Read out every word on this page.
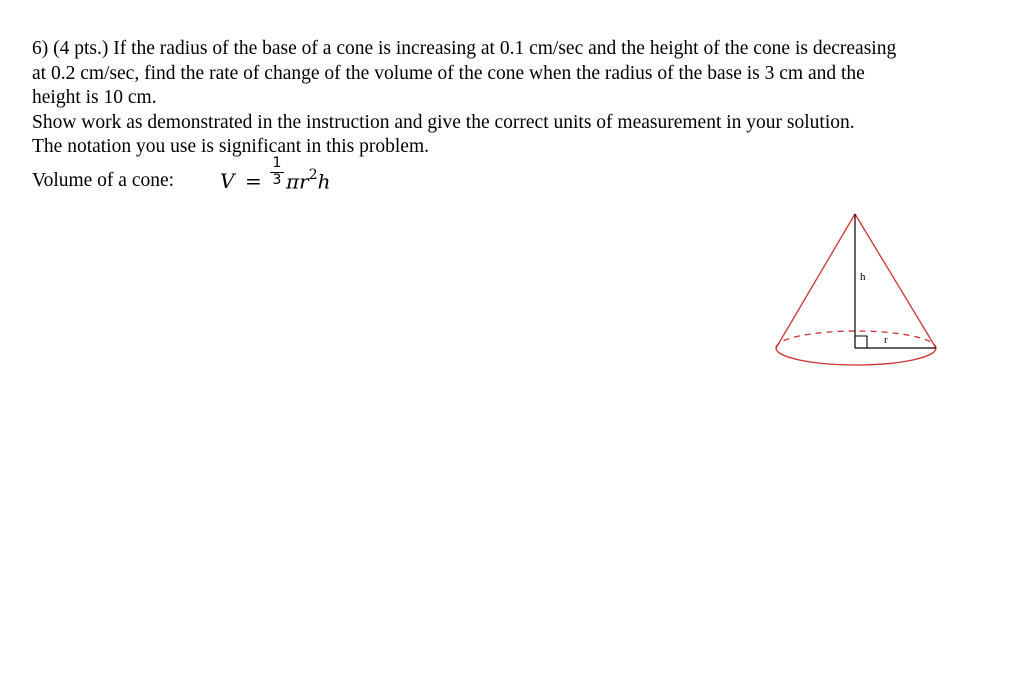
6) (4 pts.) If the radius of the base of a cone is increasing at 0.1 cm/sec and the height of the cone is decreasing

at 0.2 cm/sec, find the rate of change of the volume of the cone when the radius of the base is 3 cm and the

height is 10 cm.

Show work as demonstrated in the instruction and give the correct units of measurement in your solution.

The notation you use is significant in this problem.

Volume of a cone: $V = \frac{1}{3} \pi r^2h$
h
r
